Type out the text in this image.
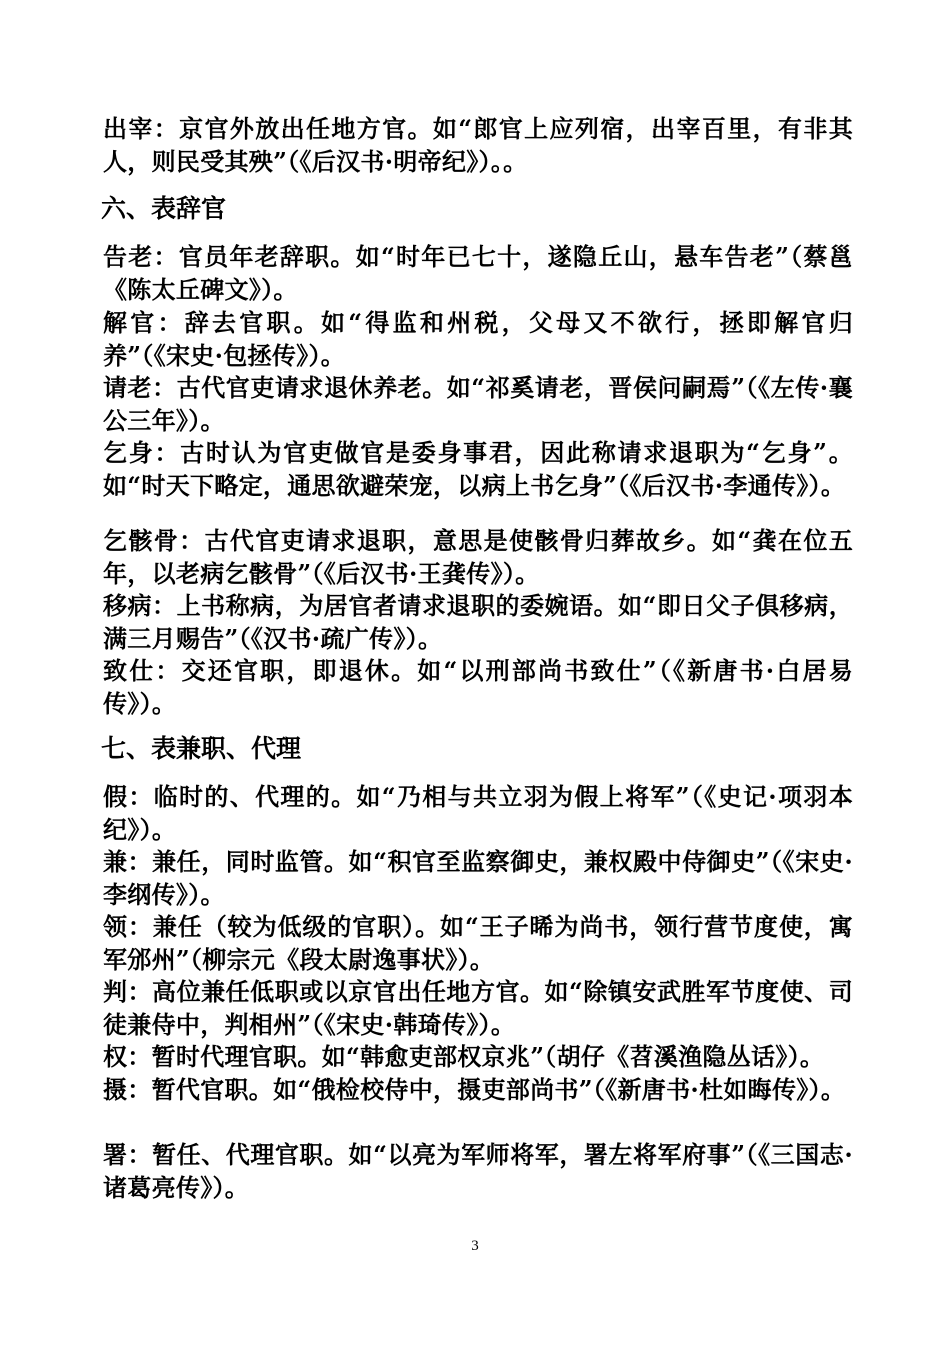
出宰：京官外放出任地方官。如“郎官上应列宿，出宰百里，有非其人，则民受其殃”（《后汉书·明帝纪》）。。
六、表辞官
告老：官员年老辞职。如“时年已七十，遂隐丘山，悬车告老”（蔡邕《陈太丘碑文》）。
解官：辞去官职。如“得监和州税，父母又不欲行，拯即解官归养”（《宋史·包拯传》）。
请老：古代官吏请求退休养老。如“祁奚请老，晋侯问嗣焉”（《左传·襄公三年》）。
乞身：古时认为官吏做官是委身事君，因此称请求退职为“乞身”。如“时天下略定，通思欲避荣宠，以病上书乞身”（《后汉书·李通传》）。
乞骸骨：古代官吏请求退职，意思是使骸骨归葬故乡。如“龚在位五年，以老病乞骸骨”（《后汉书·王龚传》）。
移病：上书称病，为居官者请求退职的委婉语。如“即日父子俱移病，满三月赐告”（《汉书·疏广传》）。
致仕：交还官职，即退休。如“以刑部尚书致仕”（《新唐书·白居易传》）。
七、表兼职、代理
假：临时的、代理的。如“乃相与共立羽为假上将军”（《史记·项羽本纪》）。
兼：兼任，同时监管。如“积官至监察御史，兼权殿中侍御史”（《宋史·李纲传》）。
领：兼任（较为低级的官职）。如“王子晞为尚书，领行营节度使，寓军邠州”（柳宗元《段太尉逸事状》）。
判：高位兼任低职或以京官出任地方官。如“除镇安武胜军节度使、司徒兼侍中，判相州”（《宋史·韩琦传》）。
权：暂时代理官职。如“韩愈吏部权京兆”（胡仔《苕溪渔隐丛话》）。
摄：暂代官职。如“俄检校侍中，摄吏部尚书”（《新唐书·杜如晦传》）。
署：暂任、代理官职。如“以亮为军师将军，署左将军府事”（《三国志·诸葛亮传》）。
3
